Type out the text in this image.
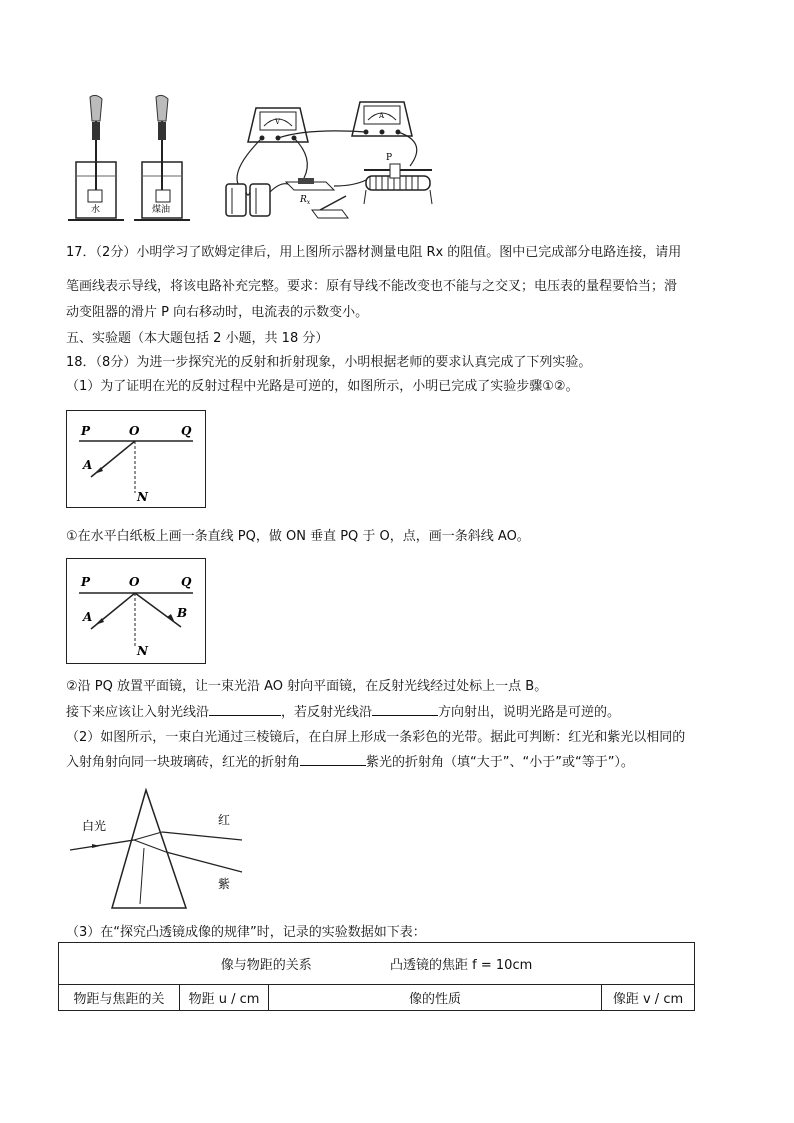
水	煤油
V
A
$R_x$
P
17．（2分）小明学习了欧姆定律后，用上图所示器材测量电阻 Rx 的阻值。图中已完成部分电路连接，请用
笔画线表示导线，将该电路补充完整。要求：原有导线不能改变也不能与之交叉；电压表的量程要恰当；滑
动变阻器的滑片 P 向右移动时，电流表的示数变小。
五、实验题（本大题包括 2 小题，共 18 分）
18．（8分）为进一步探究光的反射和折射现象，小明根据老师的要求认真完成了下列实验。
（1）为了证明在光的反射过程中光路是可逆的，如图所示，小明已完成了实验步骤①②。
P	O	Q
A
N
①在水平白纸板上画一条直线 PQ，做 ON 垂直 PQ 于 O，点，画一条斜线 AO。
P	O	Q
A	B
N
②沿 PQ 放置平面镜，让一束光沿 AO 射向平面镜，在反射光线经过处标上一点 B。
接下来应该让入射光线沿	，若反射光线沿	方向射出，说明光路是可逆的。
（2）如图所示，一束白光通过三棱镜后，在白屏上形成一条彩色的光带。据此可判断：红光和紫光以相同的
入射角射向同一块玻璃砖，红光的折射角	紫光的折射角（填“大于”、“小于”或“等于”）。
白光	红
紫
（3）在“探究凸透镜成像的规律”时，记录的实验数据如下表：
像与物距的关系	凸透镜的焦距 f = 10cm
物距与焦距的关	物距 u / cm	像的性质	像距 v / cm
